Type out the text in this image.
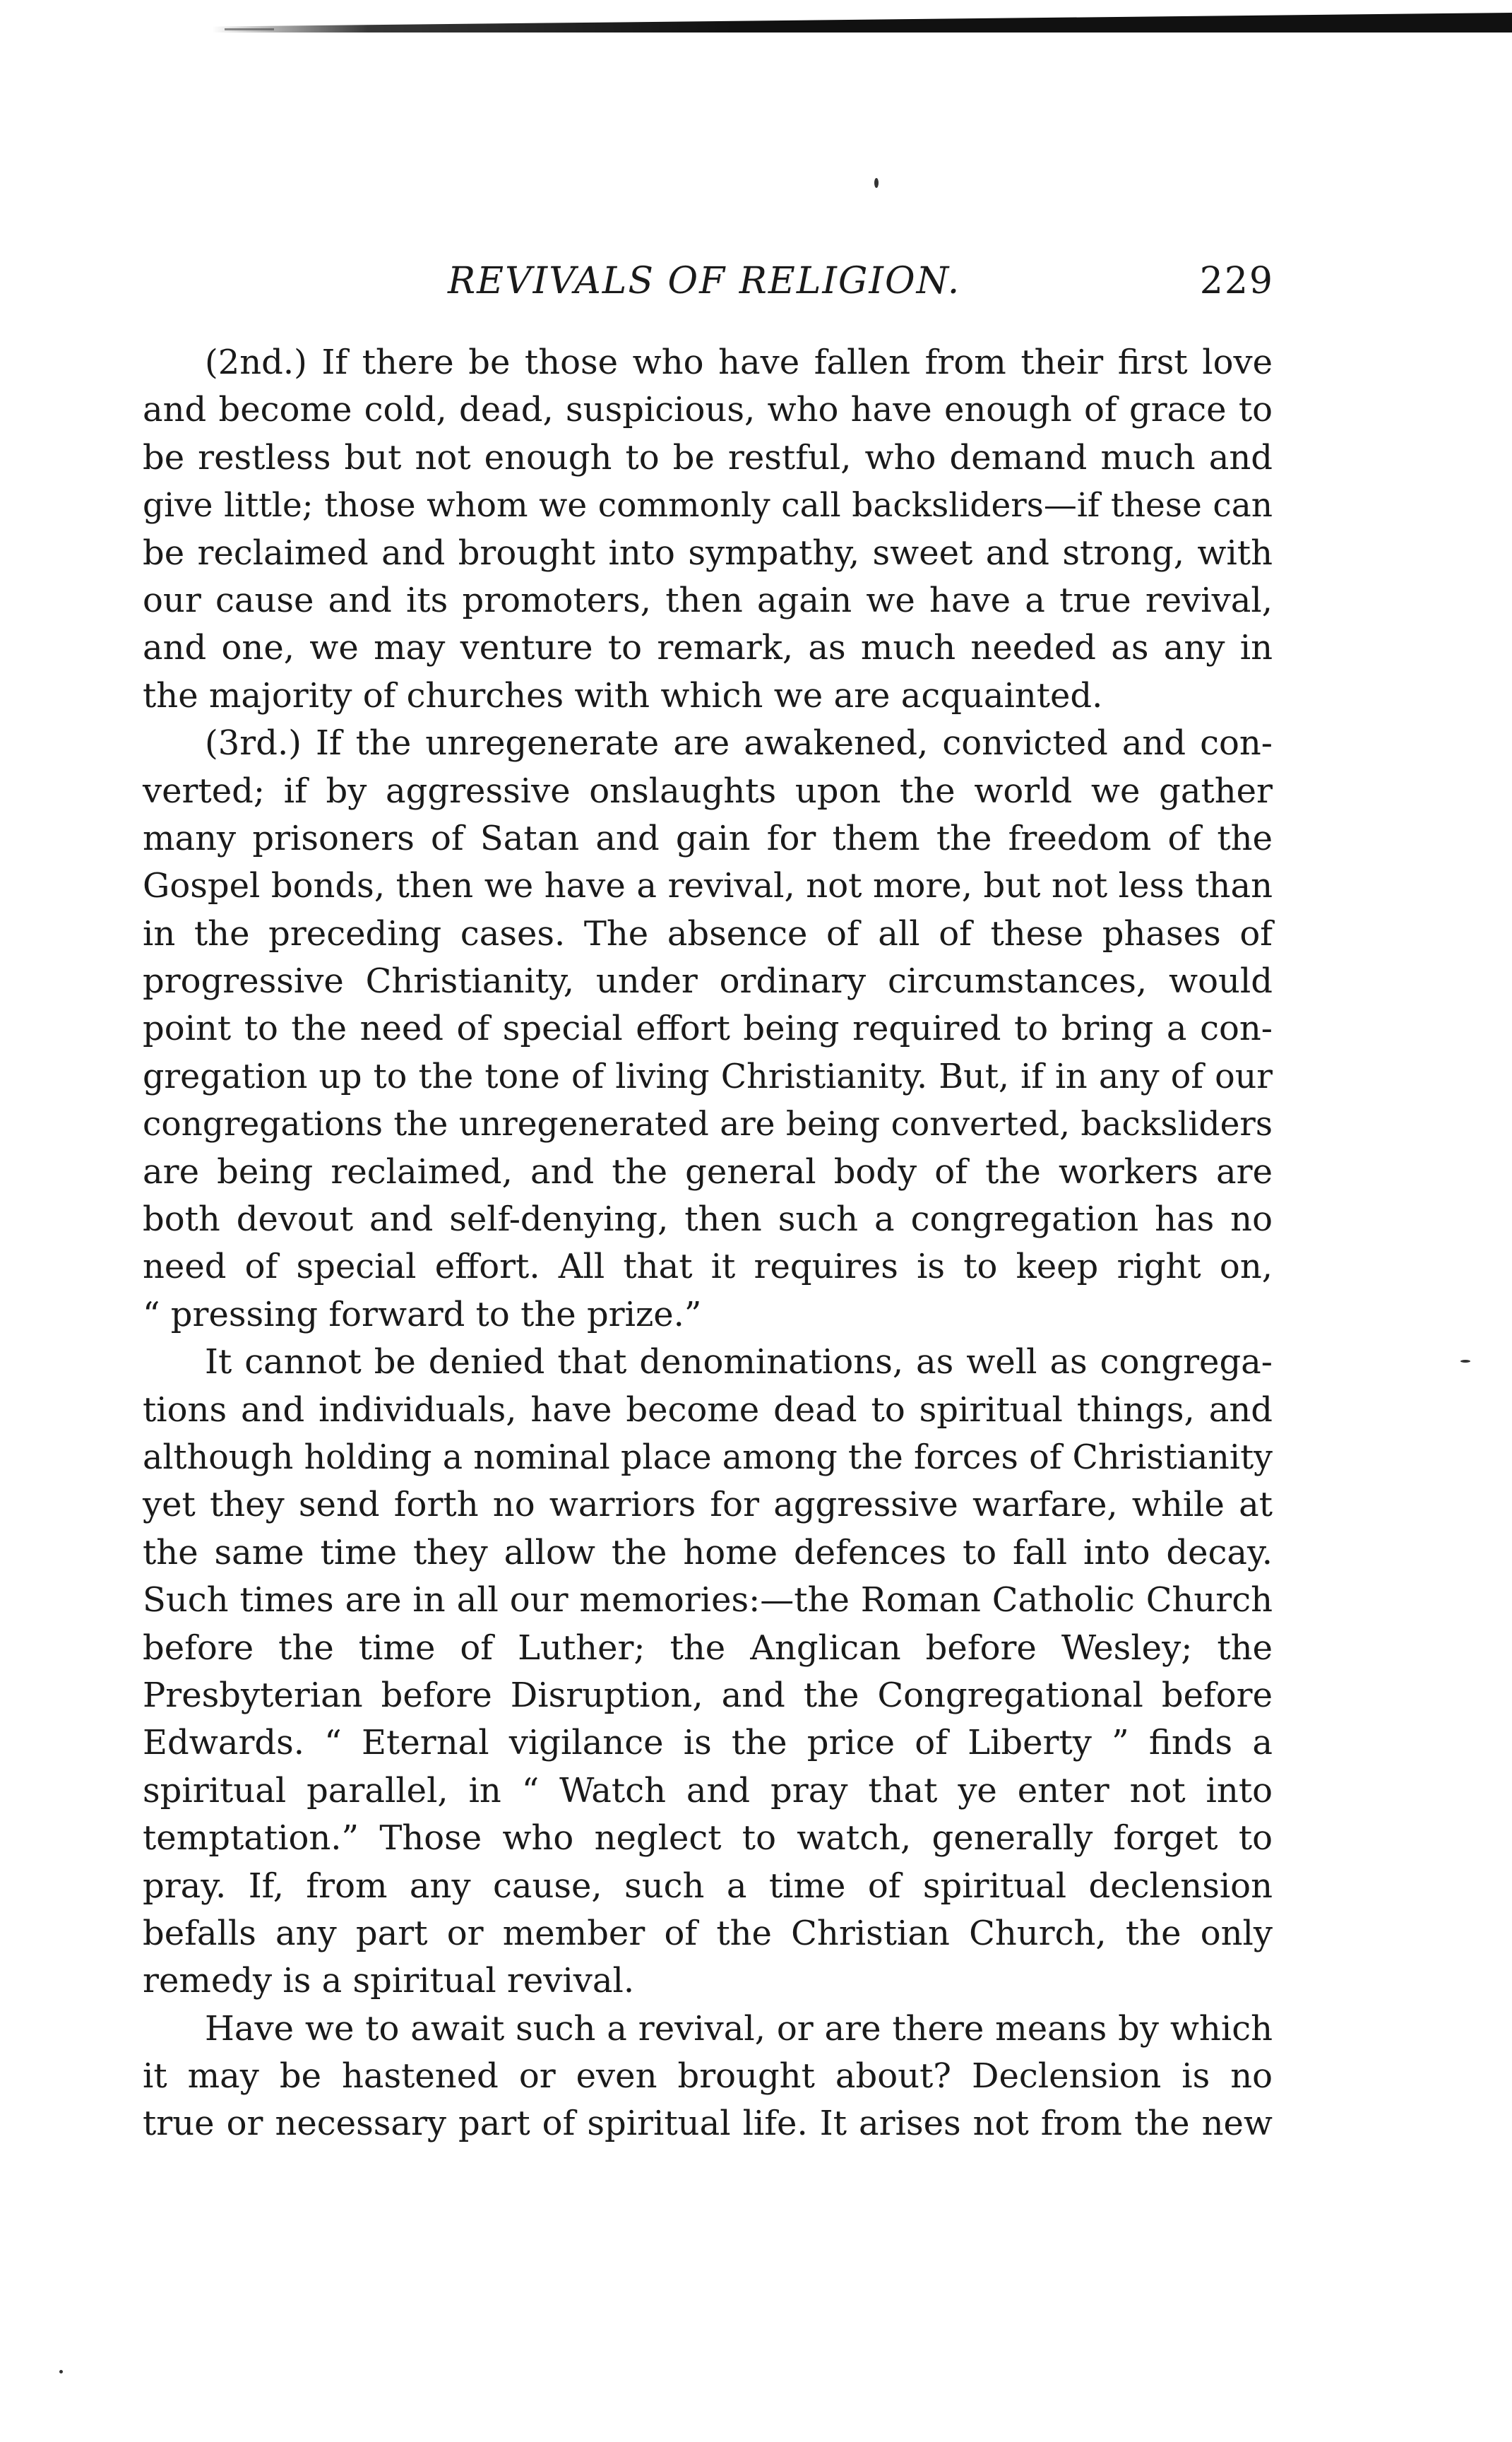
REVIVALS OF RELIGION.	229
(2nd.) If there be those who have fallen from their first love
and become cold, dead, suspicious, who have enough of grace to
be restless but not enough to be restful, who demand much and
give little; those whom we commonly call backsliders—if these can
be reclaimed and brought into sympathy, sweet and strong, with
our cause and its promoters, then again we have a true revival,
and one, we may venture to remark, as much needed as any in
the majority of churches with which we are acquainted.
(3rd.) If the unregenerate are awakened, convicted and con-
verted; if by aggressive onslaughts upon the world we gather
many prisoners of Satan and gain for them the freedom of the
Gospel bonds, then we have a revival, not more, but not less than
in the preceding cases. The absence of all of these phases of
progressive Christianity, under ordinary circumstances, would
point to the need of special effort being required to bring a con-
gregation up to the tone of living Christianity. But, if in any of our
congregations the unregenerated are being converted, backsliders
are being reclaimed, and the general body of the workers are
both devout and self-denying, then such a congregation has no
need of special effort. All that it requires is to keep right on,
“ pressing forward to the prize.”
It cannot be denied that denominations, as well as congrega-
tions and individuals, have become dead to spiritual things, and
although holding a nominal place among the forces of Christianity
yet they send forth no warriors for aggressive warfare, while at
the same time they allow the home defences to fall into decay.
Such times are in all our memories:—the Roman Catholic Church
before the time of Luther; the Anglican before Wesley; the
Presbyterian before Disruption, and the Congregational before
Edwards. “ Eternal vigilance is the price of Liberty ” finds a
spiritual parallel, in “ Watch and pray that ye enter not into
temptation.” Those who neglect to watch, generally forget to
pray. If, from any cause, such a time of spiritual declension
befalls any part or member of the Christian Church, the only
remedy is a spiritual revival.
Have we to await such a revival, or are there means by which
it may be hastened or even brought about? Declension is no
true or necessary part of spiritual life. It arises not from the new
